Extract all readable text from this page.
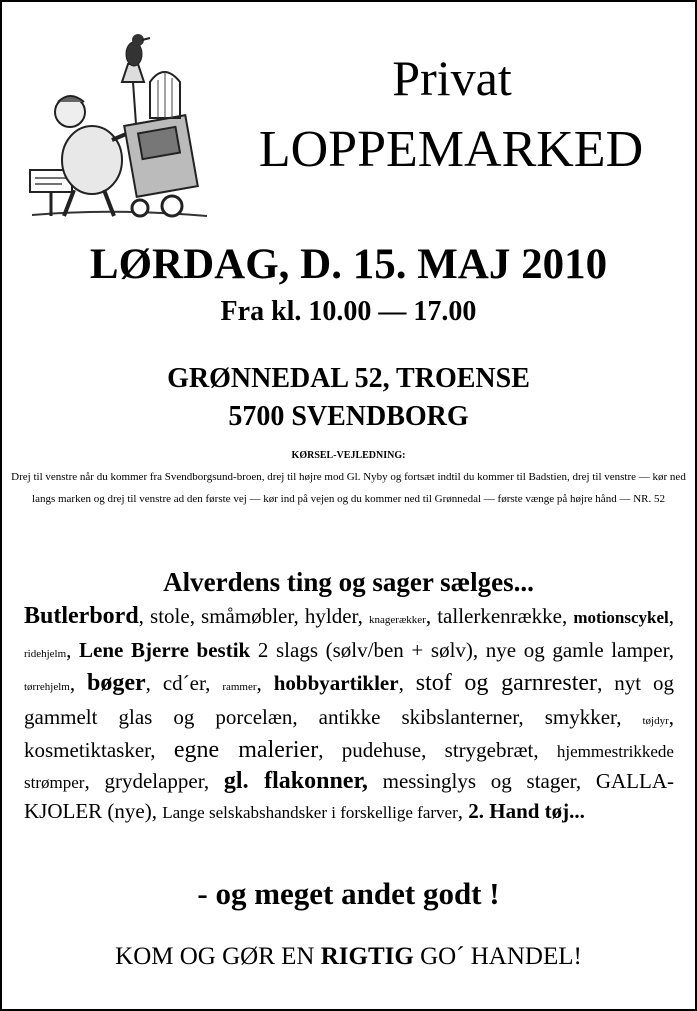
Privat
LOPPEMARKED
LØRDAG, D. 15. MAJ 2010
Fra kl. 10.00 — 17.00
GRØNNEDAL 52, TROENSE
5700 SVENDBORG
KØRSEL-VEJLEDNING:
Drej til venstre når du kommer fra Svendborgsund-broen, drej til højre mod Gl. Nyby og fortsæt indtil du kommer til Badstien, drej til venstre — kør ned langs marken og drej til venstre ad den første vej — kør ind på vejen og du kommer ned til Grønnedal — første vænge på højre hånd — NR. 52
Alverdens ting og sager sælges...
Butlerbord, stole, småmøbler, hylder, knagerækker, tallerkenrække, motionscykel, ridehjelm, Lene Bjerre bestik 2 slags (sølv/ben + sølv), nye og gamle lamper, tørrehjelm, bøger, cd´er, rammer, hobbyartikler, stof og garnrester, nyt og gammelt glas og porcelæn, antikke skibslanterner, smykker, tøjdyr, kosmetiktasker, egne malerier, pudehuse, strygebræt, hjemmestrikkede strømper, grydelapper, gl. flakonner, messinglys og stager, GALLA-KJOLER (nye), Lange selskabshandsker i forskellige farver, 2. Hand tøj...
- og meget andet godt !
KOM OG GØR EN RIGTIG GO´ HANDEL!
